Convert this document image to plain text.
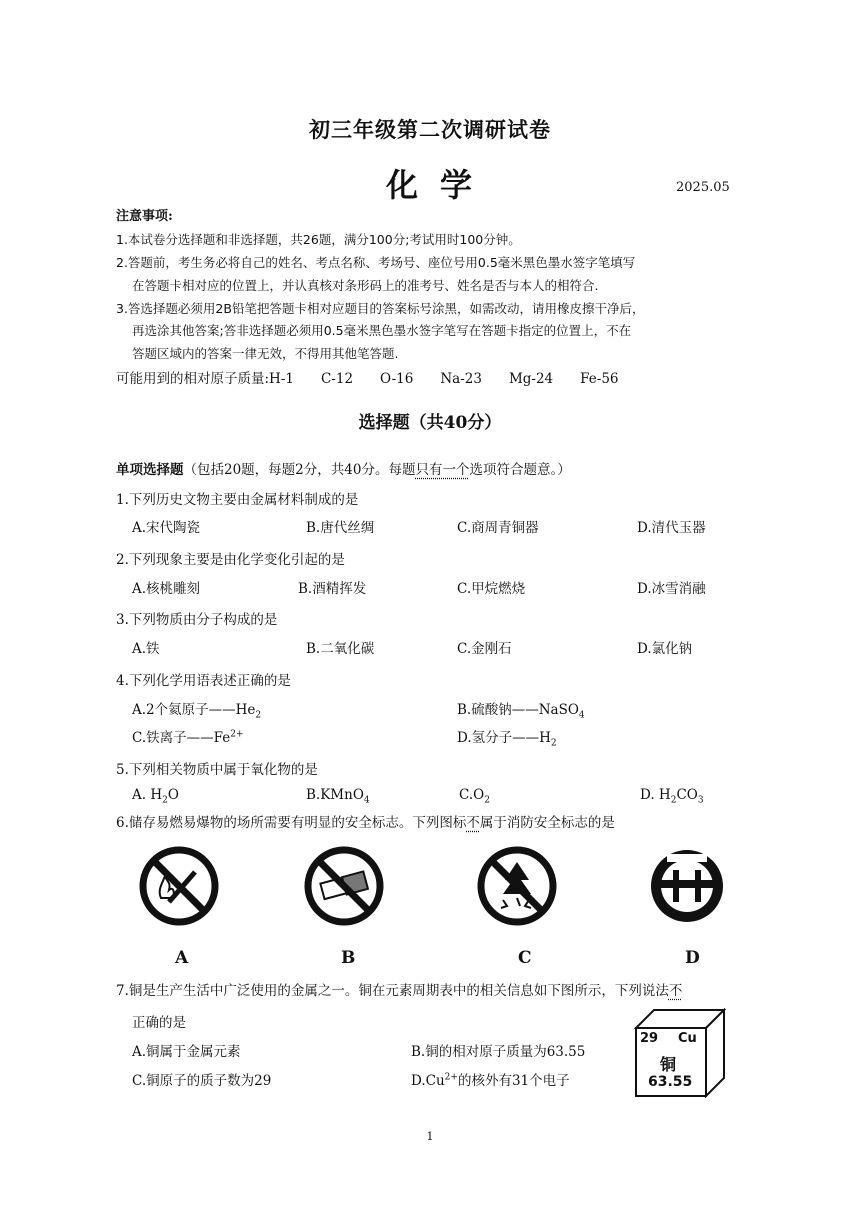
初三年级第二次调研试卷
化学	2025.05
注意事项:
1.本试卷分选择题和非选择题，共26题，满分100分;考试用时100分钟。
2.答题前，考生务必将自己的姓名、考点名称、考场号、座位号用0.5毫米黑色墨水签字笔填写
在答题卡相对应的位置上，并认真核对条形码上的准考号、姓名是否与本人的相符合.
3.答选择题必须用2B铅笔把答题卡相对应题目的答案标号涂黑，如需改动，请用橡皮擦干净后，
再选涂其他答案;答非选择题必须用0.5毫米黑色墨水签字笔写在答题卡指定的位置上，不在
答题区域内的答案一律无效，不得用其他笔答题.
可能用到的相对原子质量:H-1　　C-12　　O-16　　Na-23　　Mg-24　　Fe-56
选择题（共40分）
单项选择题（包括20题，每题2分，共40分。每题只有一个选项符合题意。）
1.下列历史文物主要由金属材料制成的是
A.宋代陶瓷	B.唐代丝绸	C.商周青铜器	D.清代玉器
2.下列现象主要是由化学变化引起的是
A.核桃雕刻	B.酒精挥发	C.甲烷燃烧	D.冰雪消融
3.下列物质由分子构成的是
A.铁	B.二氧化碳	C.金刚石	D.氯化钠
4.下列化学用语表述正确的是
A.2个氦原子$——He_2$	B.硫酸钠——NaSO$_4$
C.铁离子$——Fe^{2+}$	D.氢分子$——H_2$
5.下列相关物质中属于氧化物的是
A. $H_2O$	B.KMnO$_4$	$C.O_2$	D. $H_2CO_3$
6.储存易燃易爆物的场所需要有明显的安全标志。下列图标不属于消防安全标志的是
A	B	C	D
7.铜是生产生活中广泛使用的金属之一。铜在元素周期表中的相关信息如下图所示，下列说法不
正确的是
A.铜属于金属元素	B.铜的相对原子质量为63.55
C.铜原子的质子数为29	$D.Cu^{2+}$的核外有31个电子
29 Cu
铜
63.55
1
